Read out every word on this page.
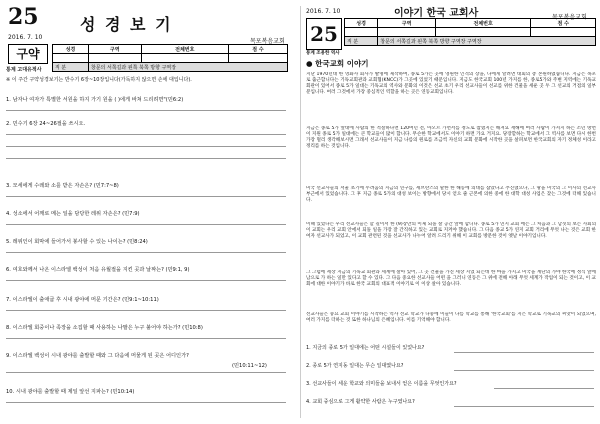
25
2016. 7. 10
성 경 보 기
목포복음교회
구약
통계 고대유적사
성경	구역	전체번호	점 수

직 분	창문의 서쪽길과 왼쪽 북쪽 방향 구역장		
※ 이 주간 구약성경보기는 반수기 6장~10장입니다(가독하지 않으면 손에 대입니다).
1. 남자나 여자가 특별한 서원을 하지 가기 원을 ( )에게 바쳐 드리려면"(민6:2)
2. 민수기 6장 24~26절을 쓰시오.
3. 모세에게 수레와 소를 받은 자손은? (민7:7~8)
4. 성소에서 어깨로 메는 일을 담당한 레위 자손은? (민7:9)
5. 레위인이 회막에 들어가서 봉사할 수 있는 나이는? (민8:24)
6. 여호와께서 나온 이스라엘 백성이 처음 유월절을 지킨 곳과 날짜는? (민9:1, 9)
7. 이스라엘이 출애굽 후 시내 광야에 머문 기간은? (민9:1~10:11)
8. 이스라엘 회중이나 족장을 소집할 때 사용하는 나팔은 누구 불어야 하는가? (민10:8)
9. 이스라엘 백성이 시내 광야를 출발할 때와 그 다음에 머물게 된 곳은 어디인가?
(민10:11~12)
10. 시내 광야를 출발할 때 제일 앞선 지파는? (민10:14)
2016. 7. 10	이야기 한국 교회사	목포복음교회
25
통계 조용한 역사
성경	구역	전체번호	점 수

직 분	창문의 서쪽길과 왼쪽 북쪽 방향 구역장 구역장		
● 한국교회 이야기
지난 1970년대 한 영화사 회사가 발명에 제작하여, 종로 5가는 곳에 영원한 인격의 장을, 나에게 알려면 대회의 총 본원하였습니다. 지금은 목포로 출근합니다는 기독교회관과 교회협(KNCC)가 그곳에 있었기 때문입니다. 지금도 한국교회 100년 가지를 한, 종로5가와 주변 지역에는 기독교회관이 있어서 종로 5가 일대는 기독교의 역사와 문화의 이것은 선교 초기 우리 선교사들이 선교를 위한 건물을 세운 곳 두 그 선교의 거점의 일부분입니다. 여러 그것에서 가장 중심적인 역할을 하는 곳은 연동교회입니다.
지금은 종로 5가 앞대에 사람의 한 적절하다면 120여년 전, 아오르 가면서를 정도로 참했지는 해져요 재해에 여러 사람이 가져지 하는 소년 방면이 지원 종로 5가 일대에는 큰 학교들이 많이 합니다. 무슨한 학교에서도 이야기 하면 가요 거지요. 당장할하는 학교에서 그 역사를 보면 다시 한번 가장 멀리 생각해보시면 그래서 선교사들이 지금 나름의 원로를 조금씩 자신의 교회 문화에 시작한 곳을 살펴보면 한국교회의 자기 정체성 이라고 정리를 하는 것입니다.
미국 선교사들의 서울 초기에 두려움의 지금의 연구를, 세브란스의 말한 한 해동에 의대를 잡았다고 추진했으나, 그 땅을 미국의 그 이사의 선교사 부근에서 있었습니다. 그 후 지금 종로 5가의 대성 보이는 방향에서 당시 얻으 줄 근본에 의한 중에 한 대학 대성 사업은 찾는 그것에 더해 있습니다.
이때 있었다는 우리 선교사들은 할 길이서 한 (9)장만의 이제 되돌 살 공간 앞에 합니다. 종로 5가 연지 교회 에는 그 처음과 그 남짓의 보는 사회의 이 교회는 우리 교회 안에서 되돌 일을 가장 잘 간직하고 있는 교회로 지켜야 했습니다. 그 다음 종교 5가 연지 교회 거리에 무엇 나는 것은 교회 한 여자 선교사가 되었고, 이 교회 관련된 것을 선교사가 나누어 알려 드리기 위해 이 교회를 방문한 것이 옛날 이야기입니다.
그 그럼에 세상 지금의 기독교 회관과 세계에 살아 있어, 그 곳 건물을 가진 세상 지었 되는데 한 마을 가지고 미국을 계단의 가야 한국에 정식 앞에 남으로 가 하는 일만 있다고 할 수 있다. 그 다음 중요한 선교사들 어떤 을 그러니 연동은 그 위에 전해 아래 무엇 세계가 작업이 되는 것이고, 이 교회에 대한 이야기가 바로 한국 교회의 대표적 이야기로 이 이상 살아 있습니다.
선교사들은 중요 교회 이야기를 시작하는 역사 선교 학교가 나중에 이들이 나름 학교를 통해 '한국교회'를 지은 학교로 기독교의 씨앗이 되었으며, 여러 가지를 더하는 것 또한 하나님의 은혜입니다. 이를 기억해야 합니다.
1. 지금의 종로 5가 일대에는 어떤 시설들이 있었나요?
2. 종로 5가 연지동 일대는 무슨 일대였나요?
3. 선교사들이 세운 학교와 의미들을 보내서 얻은 이름을 무엇인가요?
4. 교회 중심으로 그게 활약한 사람은 누구였나요?
